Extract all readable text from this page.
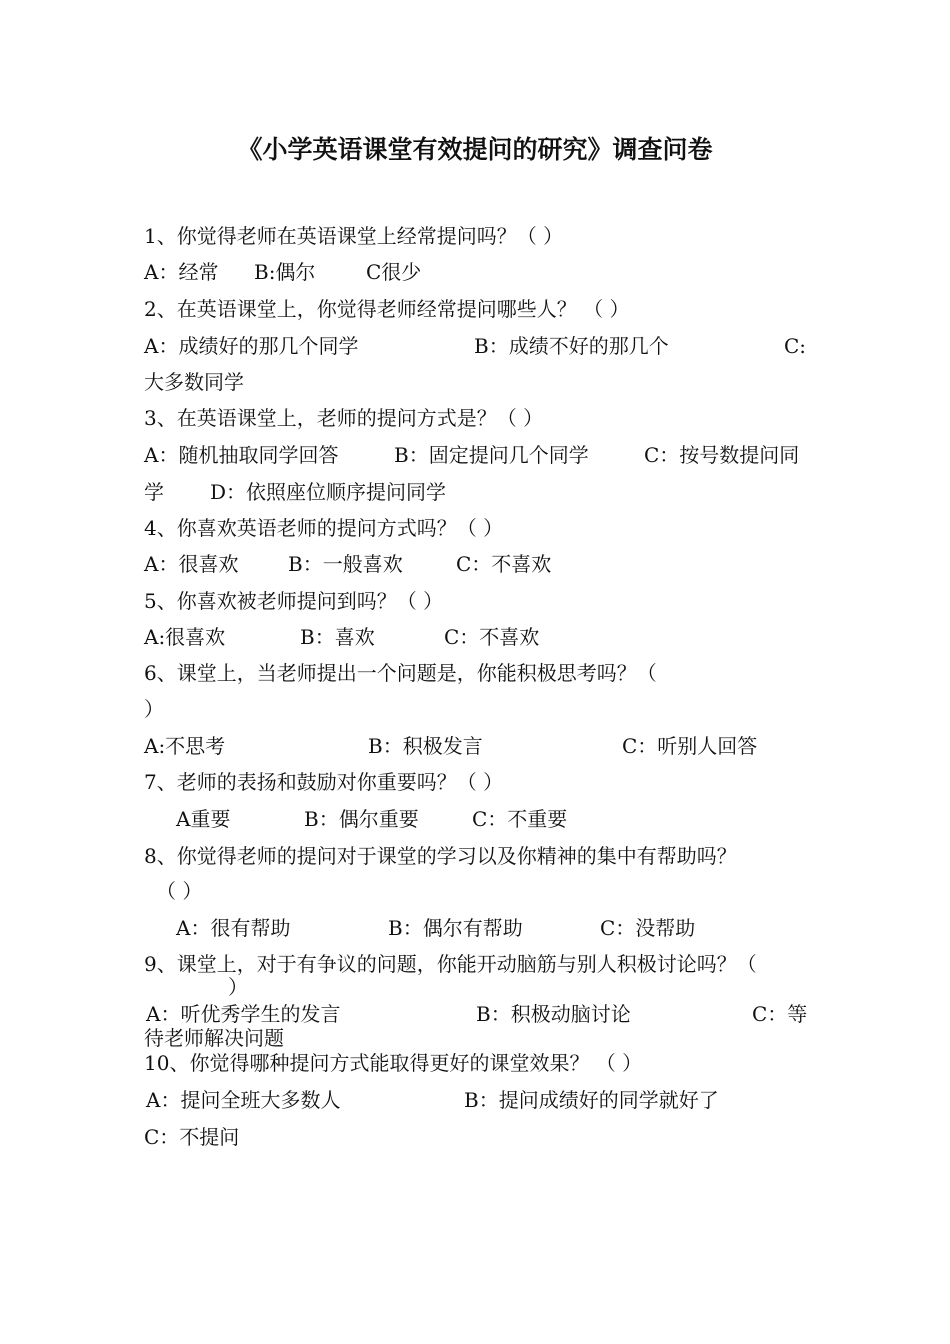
《小学英语课堂有效提问的研究》调查问卷
1、你觉得老师在英语课堂上经常提问吗？（ ）
A：经常 B:偶尔	C很少
2、在英语课堂上，你觉得老师经常提问哪些人？ （ ）
A：成绩好的那几个同学	B：成绩不好的那几个	C:
大多数同学
3、在英语课堂上，老师的提问方式是？（ ）
A：随机抽取同学回答	B：固定提问几个同学	C：按号数提问同
学 D：依照座位顺序提问同学
4、你喜欢英语老师的提问方式吗？（ ）
A：很喜欢 B：一般喜欢	C：不喜欢
5、你喜欢被老师提问到吗？（ ）
A:很喜欢	B：喜欢	C：不喜欢
6、课堂上，当老师提出一个问题是，你能积极思考吗？（
）
A:不思考	B：积极发言	C：听别人回答
7、老师的表扬和鼓励对你重要吗？（ ）
A重要	B：偶尔重要	C：不重要
8、你觉得老师的提问对于课堂的学习以及你精神的集中有帮助吗？
（ ）
A：很有帮助	B：偶尔有帮助	C：没帮助
9、课堂上，对于有争议的问题，你能开动脑筋与别人积极讨论吗？（
）
A：听优秀学生的发言	B：积极动脑讨论	C：等
待老师解决问题
10、你觉得哪种提问方式能取得更好的课堂效果？ （ ）
A：提问全班大多数人	B：提问成绩好的同学就好了
C：不提问
